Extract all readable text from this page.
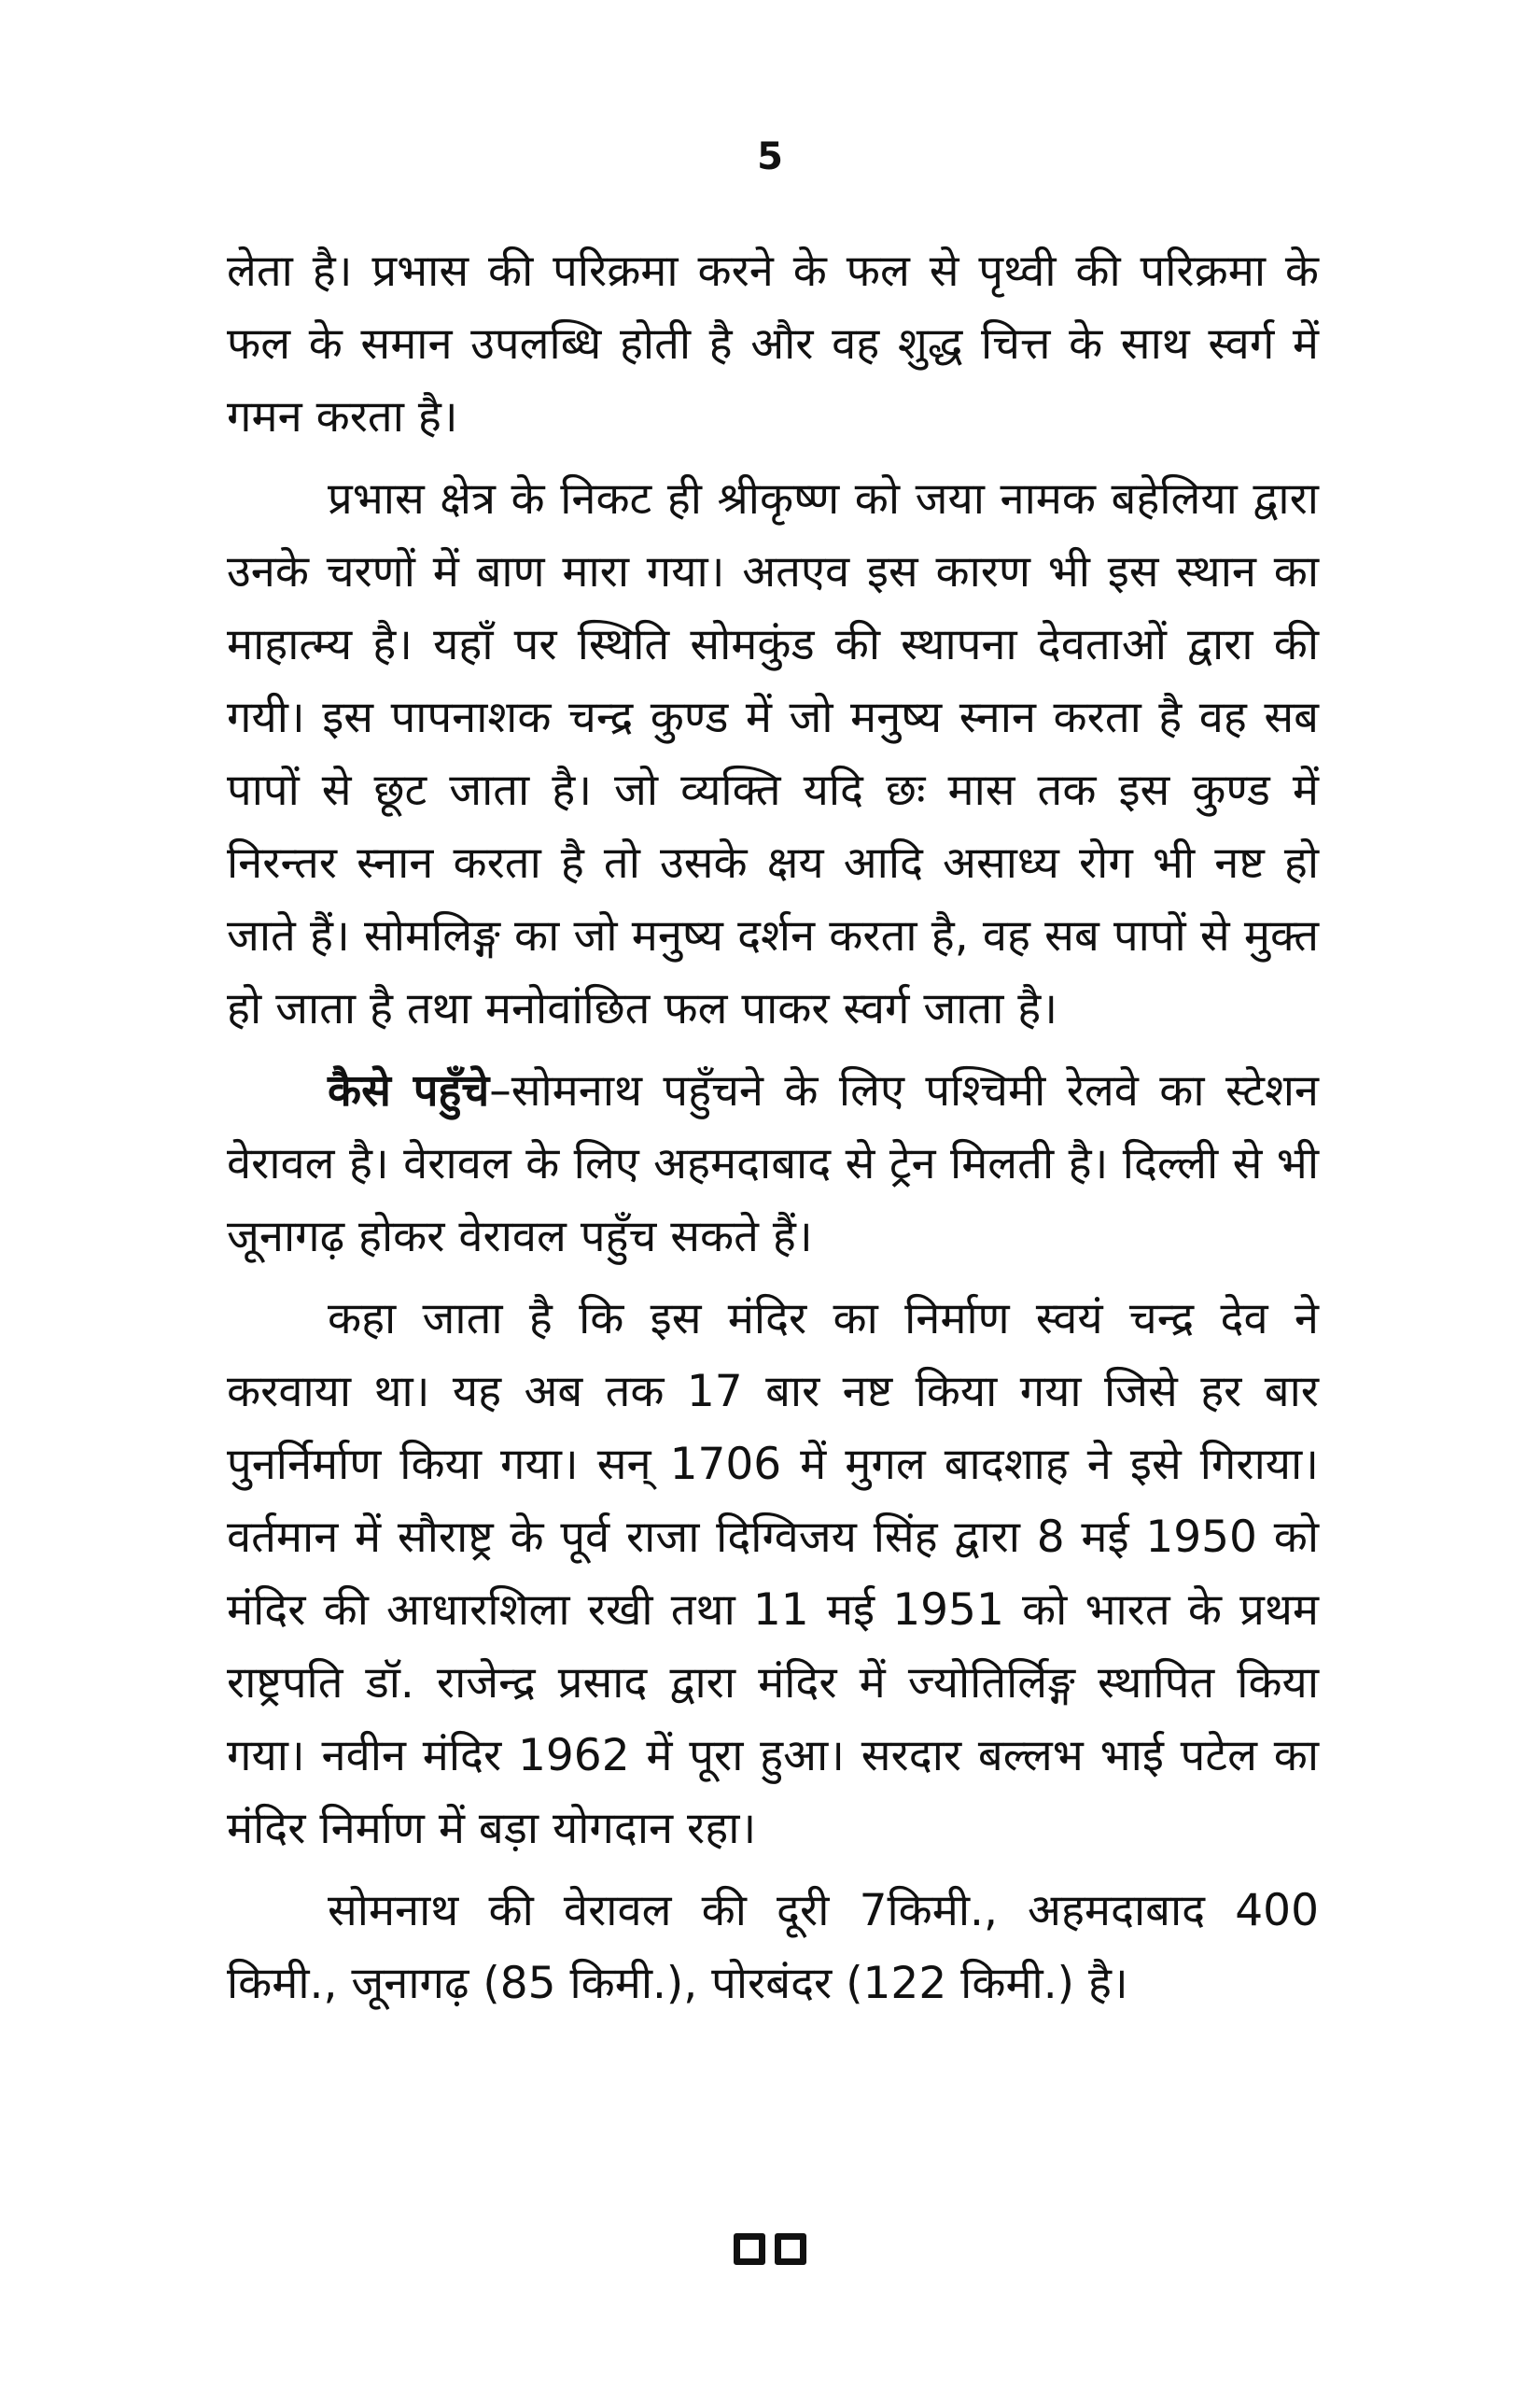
5

लेता है। प्रभास की परिक्रमा करने के फल से पृथ्वी की परिक्रमा के फल के समान उपलब्धि होती है और वह शुद्ध चित्त के साथ स्वर्ग में गमन करता है।

प्रभास क्षेत्र के निकट ही श्रीकृष्ण को जया नामक बहेलिया द्वारा उनके चरणों में बाण मारा गया। अतएव इस कारण भी इस स्थान का माहात्म्य है। यहाँ पर स्थिति सोमकुंड की स्थापना देवताओं द्वारा की गयी। इस पापनाशक चन्द्र कुण्ड में जो मनुष्य स्नान करता है वह सब पापों से छूट जाता है। जो व्यक्ति यदि छः मास तक इस कुण्ड में निरन्तर स्नान करता है तो उसके क्षय आदि असाध्य रोग भी नष्ट हो जाते हैं। सोमलिङ्ग का जो मनुष्य दर्शन करता है, वह सब पापों से मुक्त हो जाता है तथा मनोवांछित फल पाकर स्वर्ग जाता है।

कैसे पहुँचे–सोमनाथ पहुँचने के लिए पश्चिमी रेलवे का स्टेशन वेरावल है। वेरावल के लिए अहमदाबाद से ट्रेन मिलती है। दिल्ली से भी जूनागढ़ होकर वेरावल पहुँच सकते हैं।

कहा जाता है कि इस मंदिर का निर्माण स्वयं चन्द्र देव ने करवाया था। यह अब तक 17 बार नष्ट किया गया जिसे हर बार पुनर्निर्माण किया गया। सन् 1706 में मुगल बादशाह ने इसे गिराया। वर्तमान में सौराष्ट्र के पूर्व राजा दिग्विजय सिंह द्वारा 8 मई 1950 को मंदिर की आधारशिला रखी तथा 11 मई 1951 को भारत के प्रथम राष्ट्रपति डॉ. राजेन्द्र प्रसाद द्वारा मंदिर में ज्योतिर्लिङ्ग स्थापित किया गया। नवीन मंदिर 1962 में पूरा हुआ। सरदार बल्लभ भाई पटेल का मंदिर निर्माण में बड़ा योगदान रहा।

सोमनाथ की वेरावल की दूरी 7किमी., अहमदाबाद 400 किमी., जूनागढ़ (85 किमी.), पोरबंदर (122 किमी.) है।
